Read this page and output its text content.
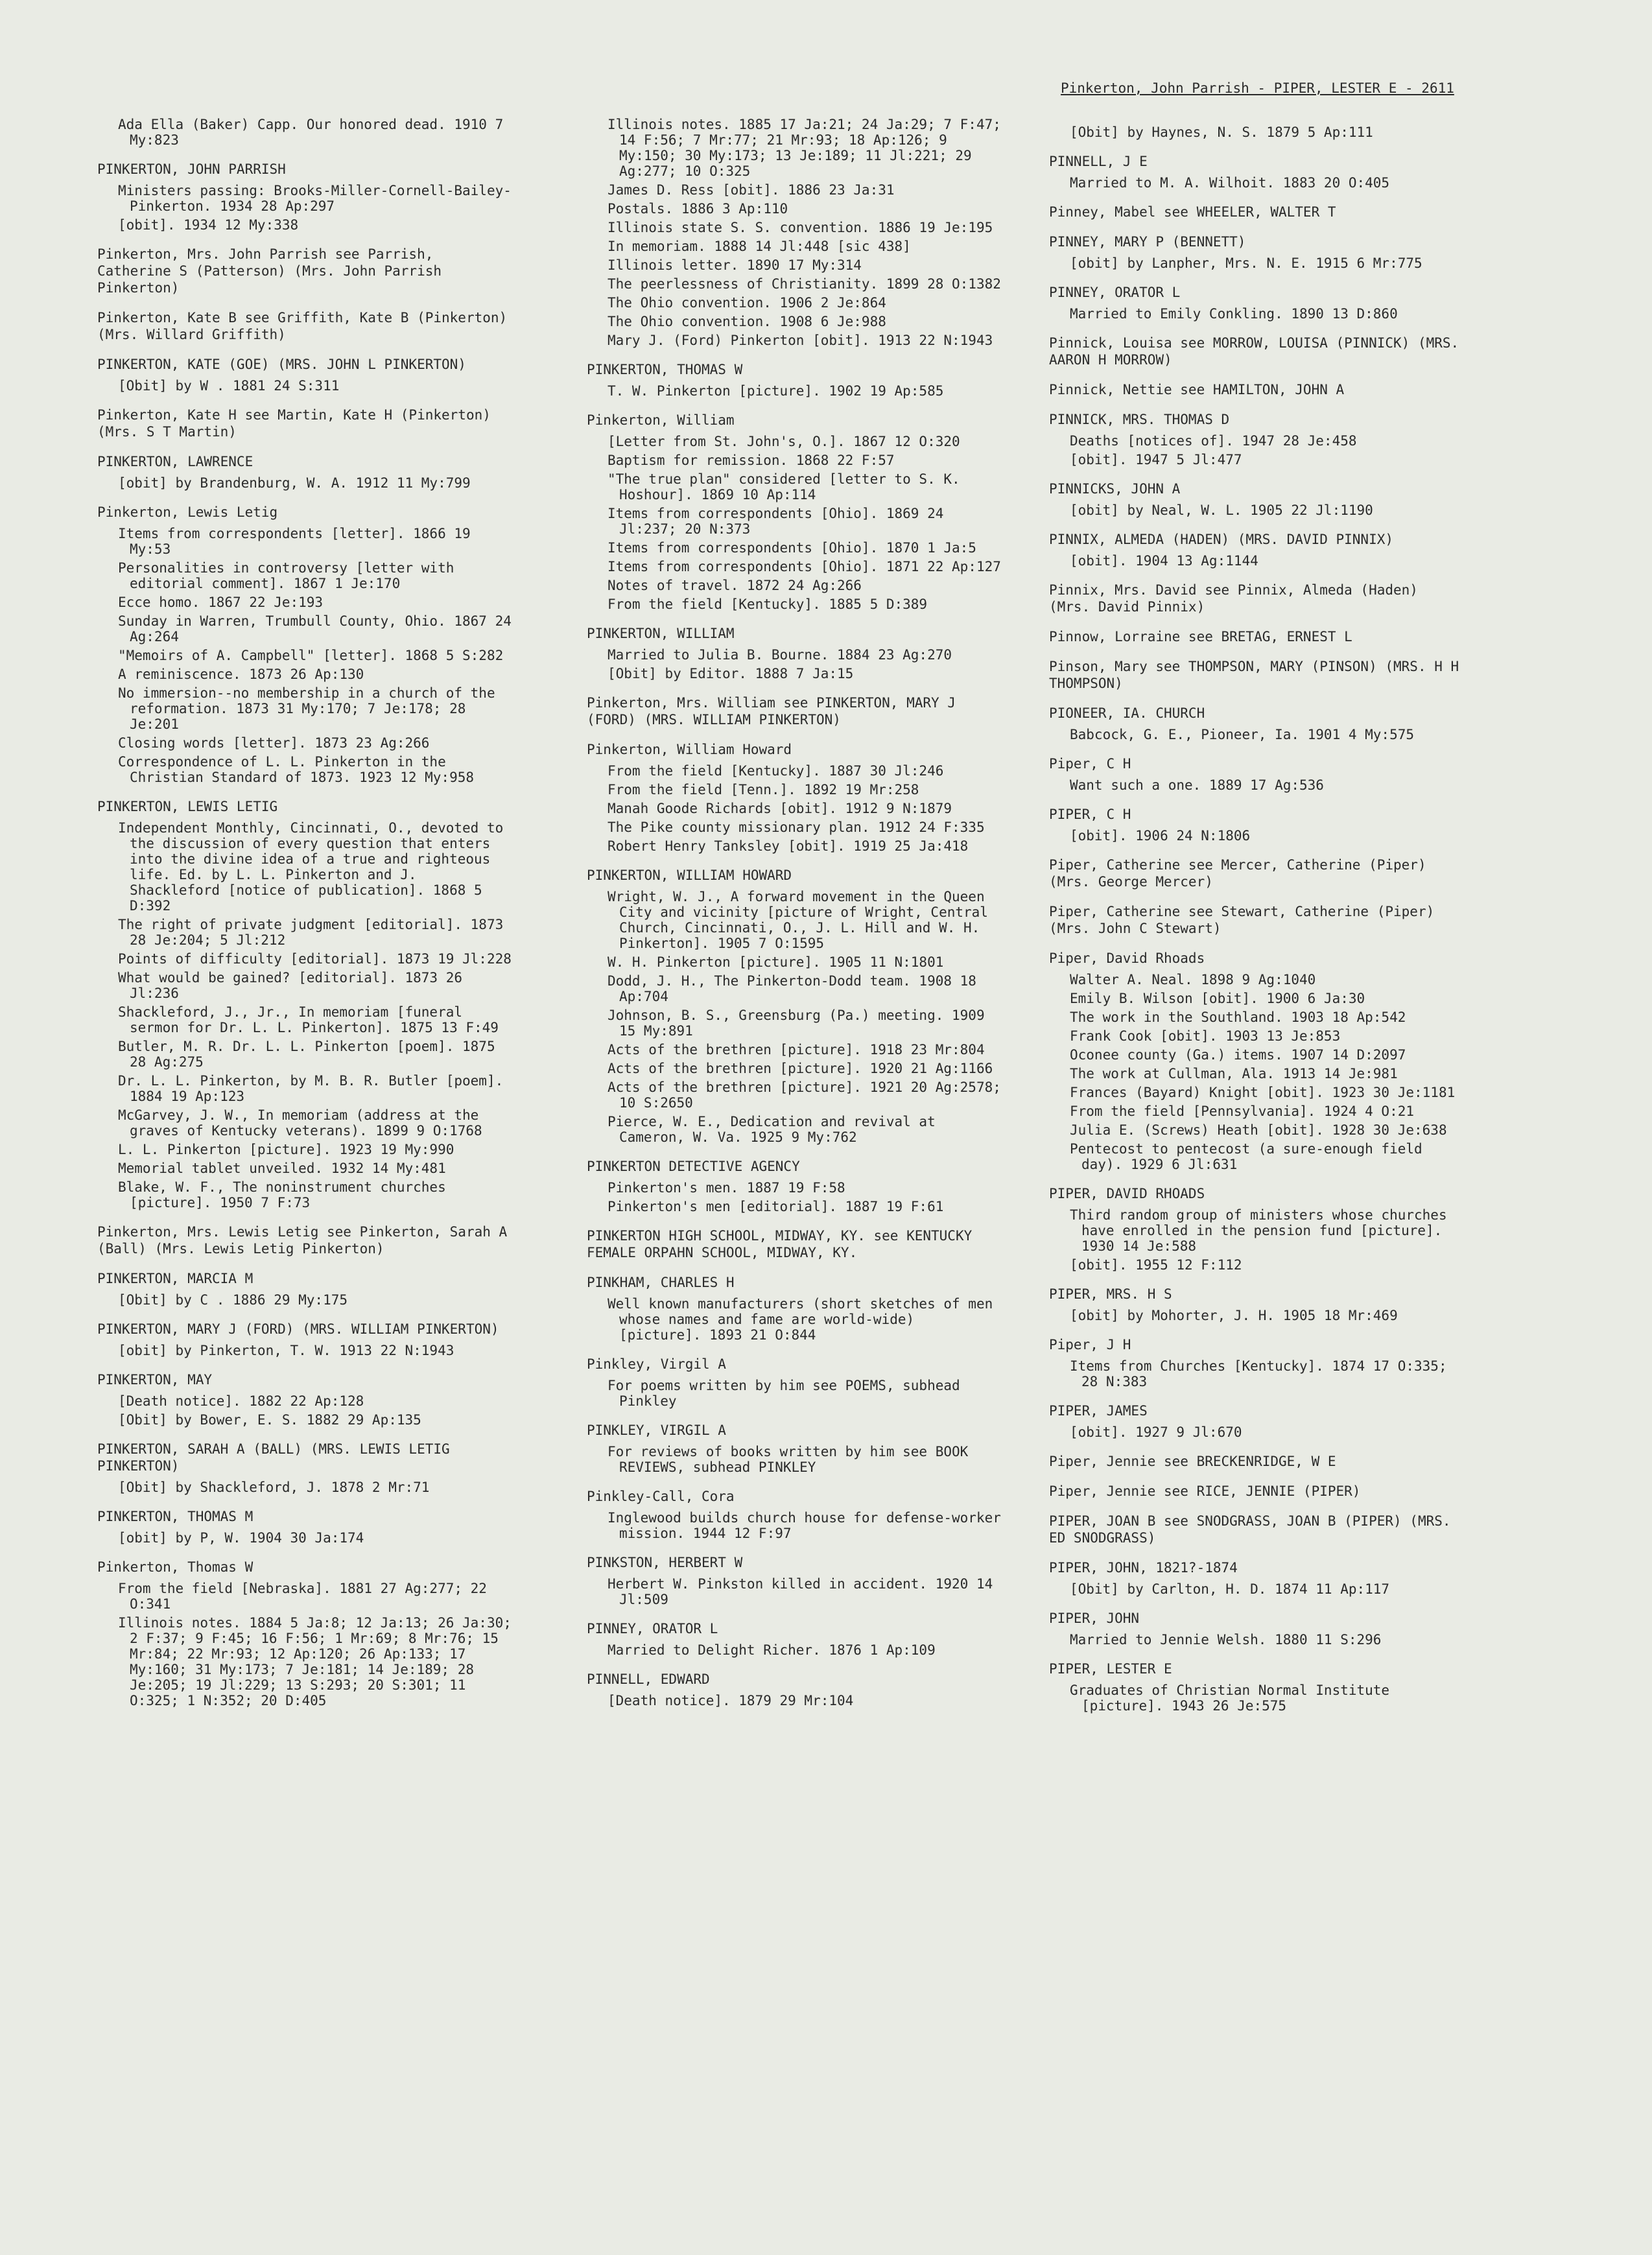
Pinkerton, John Parrish - PIPER, LESTER E - 2611
Ada Ella (Baker) Capp. Our honored dead. 1910 7 My:823
PINKERTON, JOHN PARRISH
Ministers passing: Brooks-Miller-Cornell-Bailey-Pinkerton. 1934 28 Ap:297
[obit]. 1934 12 My:338
Pinkerton, Mrs. John Parrish see Parrish, Catherine S (Patterson) (Mrs. John Parrish Pinkerton)
Pinkerton, Kate B see Griffith, Kate B (Pinkerton) (Mrs. Willard Griffith)
PINKERTON, KATE (GOE) (MRS. JOHN L PINKERTON)
[Obit] by W . 1881 24 S:311
Pinkerton, Kate H see Martin, Kate H (Pinkerton) (Mrs. S T Martin)
PINKERTON, LAWRENCE
[obit] by Brandenburg, W. A. 1912 11 My:799
Pinkerton, Lewis Letig
Items from correspondents [letter]. 1866 19 My:53
Personalities in controversy [letter with editorial comment]. 1867 1 Je:170
Ecce homo. 1867 22 Je:193
Sunday in Warren, Trumbull County, Ohio. 1867 24 Ag:264
"Memoirs of A. Campbell" [letter]. 1868 5 S:282
A reminiscence. 1873 26 Ap:130
No immersion--no membership in a church of the reformation. 1873 31 My:170; 7 Je:178; 28 Je:201
Closing words [letter]. 1873 23 Ag:266
Correspondence of L. L. Pinkerton in the Christian Standard of 1873. 1923 12 My:958
PINKERTON, LEWIS LETIG
Independent Monthly, Cincinnati, O., devoted to the discussion of every question that enters into the divine idea of a true and righteous life. Ed. by L. L. Pinkerton and J. Shackleford [notice of publication]. 1868 5 D:392
The right of private judgment [editorial]. 1873 28 Je:204; 5 Jl:212
Points of difficulty [editorial]. 1873 19 Jl:228
What would be gained? [editorial]. 1873 26 Jl:236
Shackleford, J., Jr., In memoriam [funeral sermon for Dr. L. L. Pinkerton]. 1875 13 F:49
Butler, M. R. Dr. L. L. Pinkerton [poem]. 1875 28 Ag:275
Dr. L. L. Pinkerton, by M. B. R. Butler [poem]. 1884 19 Ap:123
McGarvey, J. W., In memoriam (address at the graves of Kentucky veterans). 1899 9 O:1768
L. L. Pinkerton [picture]. 1923 19 My:990
Memorial tablet unveiled. 1932 14 My:481
Blake, W. F., The noninstrument churches [picture]. 1950 7 F:73
Pinkerton, Mrs. Lewis Letig see Pinkerton, Sarah A (Ball) (Mrs. Lewis Letig Pinkerton)
PINKERTON, MARCIA M
[Obit] by C . 1886 29 My:175
PINKERTON, MARY J (FORD) (MRS. WILLIAM PINKERTON)
[obit] by Pinkerton, T. W. 1913 22 N:1943
PINKERTON, MAY
[Death notice]. 1882 22 Ap:128
[Obit] by Bower, E. S. 1882 29 Ap:135
PINKERTON, SARAH A (BALL) (MRS. LEWIS LETIG PINKERTON)
[Obit] by Shackleford, J. 1878 2 Mr:71
PINKERTON, THOMAS M
[obit] by P, W. 1904 30 Ja:174
Pinkerton, Thomas W
From the field [Nebraska]. 1881 27 Ag:277; 22 O:341
Illinois notes. 1884 5 Ja:8; 12 Ja:13; 26 Ja:30; 2 F:37; 9 F:45; 16 F:56; 1 Mr:69; 8 Mr:76; 15 Mr:84; 22 Mr:93; 12 Ap:120; 26 Ap:133; 17 My:160; 31 My:173; 7 Je:181; 14 Je:189; 28 Je:205; 19 Jl:229; 13 S:293; 20 S:301; 11 O:325; 1 N:352; 20 D:405
Illinois notes. 1885 17 Ja:21; 24 Ja:29; 7 F:47; 14 F:56; 7 Mr:77; 21 Mr:93; 18 Ap:126; 9 My:150; 30 My:173; 13 Je:189; 11 Jl:221; 29 Ag:277; 10 O:325
James D. Ress [obit]. 1886 23 Ja:31
Postals. 1886 3 Ap:110
Illinois state S. S. convention. 1886 19 Je:195
In memoriam. 1888 14 Jl:448 [sic 438]
Illinois letter. 1890 17 My:314
The peerlessness of Christianity. 1899 28 O:1382
The Ohio convention. 1906 2 Je:864
The Ohio convention. 1908 6 Je:988
Mary J. (Ford) Pinkerton [obit]. 1913 22 N:1943
PINKERTON, THOMAS W
T. W. Pinkerton [picture]. 1902 19 Ap:585
Pinkerton, William
[Letter from St. John's, O.]. 1867 12 O:320
Baptism for remission. 1868 22 F:57
"The true plan" considered [letter to S. K. Hoshour]. 1869 10 Ap:114
Items from correspondents [Ohio]. 1869 24 Jl:237; 20 N:373
Items from correspondents [Ohio]. 1870 1 Ja:5
Items from correspondents [Ohio]. 1871 22 Ap:127
Notes of travel. 1872 24 Ag:266
From the field [Kentucky]. 1885 5 D:389
PINKERTON, WILLIAM
Married to Julia B. Bourne. 1884 23 Ag:270
[Obit] by Editor. 1888 7 Ja:15
Pinkerton, Mrs. William see PINKERTON, MARY J (FORD) (MRS. WILLIAM PINKERTON)
Pinkerton, William Howard
From the field [Kentucky]. 1887 30 Jl:246
From the field [Tenn.]. 1892 19 Mr:258
Manah Goode Richards [obit]. 1912 9 N:1879
The Pike county missionary plan. 1912 24 F:335
Robert Henry Tanksley [obit]. 1919 25 Ja:418
PINKERTON, WILLIAM HOWARD
Wright, W. J., A forward movement in the Queen City and vicinity [picture of Wright, Central Church, Cincinnati, O., J. L. Hill and W. H. Pinkerton]. 1905 7 O:1595
W. H. Pinkerton [picture]. 1905 11 N:1801
Dodd, J. H., The Pinkerton-Dodd team. 1908 18 Ap:704
Johnson, B. S., Greensburg (Pa.) meeting. 1909 15 My:891
Acts of the brethren [picture]. 1918 23 Mr:804
Acts of the brethren [picture]. 1920 21 Ag:1166
Acts of the brethren [picture]. 1921 20 Ag:2578; 10 S:2650
Pierce, W. E., Dedication and revival at Cameron, W. Va. 1925 9 My:762
PINKERTON DETECTIVE AGENCY
Pinkerton's men. 1887 19 F:58
Pinkerton's men [editorial]. 1887 19 F:61
PINKERTON HIGH SCHOOL, MIDWAY, KY. see KENTUCKY FEMALE ORPAHN SCHOOL, MIDWAY, KY.
PINKHAM, CHARLES H
Well known manufacturers (short sketches of men whose names and fame are world-wide) [picture]. 1893 21 O:844
Pinkley, Virgil A
For poems written by him see POEMS, subhead Pinkley
PINKLEY, VIRGIL A
For reviews of books written by him see BOOK REVIEWS, subhead PINKLEY
Pinkley-Call, Cora
Inglewood builds church house for defense-worker mission. 1944 12 F:97
PINKSTON, HERBERT W
Herbert W. Pinkston killed in accident. 1920 14 Jl:509
PINNEY, ORATOR L
Married to Delight Richer. 1876 1 Ap:109
PINNELL, EDWARD
[Death notice]. 1879 29 Mr:104
[Obit] by Haynes, N. S. 1879 5 Ap:111
PINNELL, J E
Married to M. A. Wilhoit. 1883 20 O:405
Pinney, Mabel see WHEELER, WALTER T
PINNEY, MARY P (BENNETT)
[obit] by Lanpher, Mrs. N. E. 1915 6 Mr:775
PINNEY, ORATOR L
Married to Emily Conkling. 1890 13 D:860
Pinnick, Louisa see MORROW, LOUISA (PINNICK) (MRS. AARON H MORROW)
Pinnick, Nettie see HAMILTON, JOHN A
PINNICK, MRS. THOMAS D
Deaths [notices of]. 1947 28 Je:458
[obit]. 1947 5 Jl:477
PINNICKS, JOHN A
[obit] by Neal, W. L. 1905 22 Jl:1190
PINNIX, ALMEDA (HADEN) (MRS. DAVID PINNIX)
[obit]. 1904 13 Ag:1144
Pinnix, Mrs. David see Pinnix, Almeda (Haden) (Mrs. David Pinnix)
Pinnow, Lorraine see BRETAG, ERNEST L
Pinson, Mary see THOMPSON, MARY (PINSON) (MRS. H H THOMPSON)
PIONEER, IA. CHURCH
Babcock, G. E., Pioneer, Ia. 1901 4 My:575
Piper, C H
Want such a one. 1889 17 Ag:536
PIPER, C H
[obit]. 1906 24 N:1806
Piper, Catherine see Mercer, Catherine (Piper) (Mrs. George Mercer)
Piper, Catherine see Stewart, Catherine (Piper) (Mrs. John C Stewart)
Piper, David Rhoads
Walter A. Neal. 1898 9 Ag:1040
Emily B. Wilson [obit]. 1900 6 Ja:30
The work in the Southland. 1903 18 Ap:542
Frank Cook [obit]. 1903 13 Je:853
Oconee county (Ga.) items. 1907 14 D:2097
The work at Cullman, Ala. 1913 14 Je:981
Frances (Bayard) Knight [obit]. 1923 30 Je:1181
From the field [Pennsylvania]. 1924 4 O:21
Julia E. (Screws) Heath [obit]. 1928 30 Je:638
Pentecost to pentecost (a sure-enough field day). 1929 6 Jl:631
PIPER, DAVID RHOADS
Third random group of ministers whose churches have enrolled in the pension fund [picture]. 1930 14 Je:588
[obit]. 1955 12 F:112
PIPER, MRS. H S
[obit] by Mohorter, J. H. 1905 18 Mr:469
Piper, J H
Items from Churches [Kentucky]. 1874 17 O:335; 28 N:383
PIPER, JAMES
[obit]. 1927 9 Jl:670
Piper, Jennie see BRECKENRIDGE, W E
Piper, Jennie see RICE, JENNIE (PIPER)
PIPER, JOAN B see SNODGRASS, JOAN B (PIPER) (MRS. ED SNODGRASS)
PIPER, JOHN, 1821?-1874
[Obit] by Carlton, H. D. 1874 11 Ap:117
PIPER, JOHN
Married to Jennie Welsh. 1880 11 S:296
PIPER, LESTER E
Graduates of Christian Normal Institute [picture]. 1943 26 Je:575
